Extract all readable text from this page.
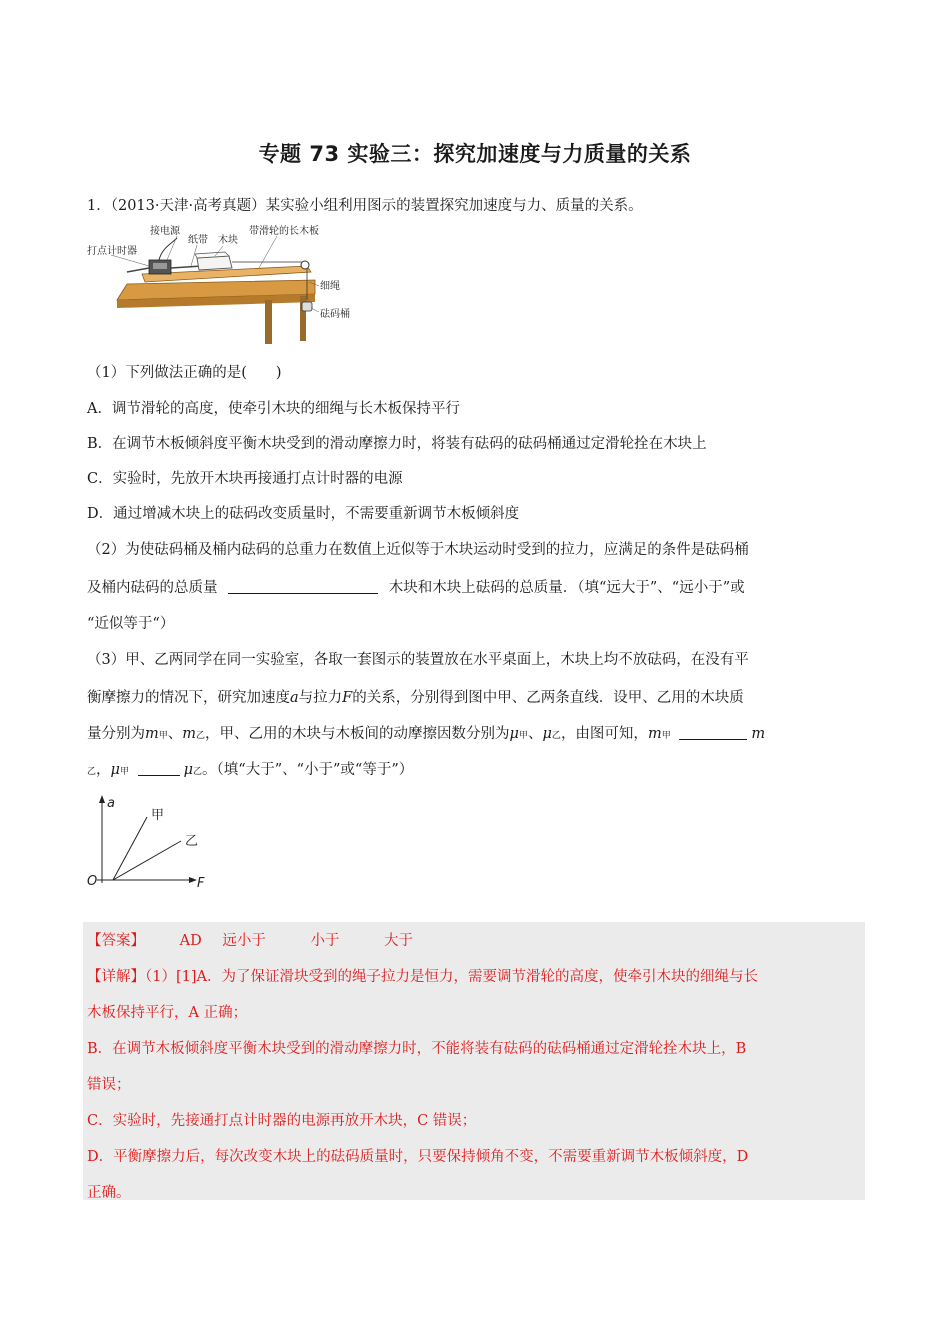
专题 73 实验三：探究加速度与力质量的关系
1．（2013·天津·高考真题）某实验小组利用图示的装置探究加速度与力、质量的关系。
接电源
纸带 木块
带滑轮的长木板
打点计时器
细绳
砝码桶
（1）下列做法正确的是(　　)
A．调节滑轮的高度，使牵引木块的细绳与长木板保持平行
B．在调节木板倾斜度平衡木块受到的滑动摩擦力时，将装有砝码的砝码桶通过定滑轮拴在木块上
C．实验时，先放开木块再接通打点计时器的电源
D．通过增减木块上的砝码改变质量时，不需要重新调节木板倾斜度
（2）为使砝码桶及桶内砝码的总重力在数值上近似等于木块运动时受到的拉力，应满足的条件是砝码桶
及桶内砝码的总质量	木块和木块上砝码的总质量．（填“远大于”、“远小于”或
“近似等于“）
（3）甲、乙两同学在同一实验室，各取一套图示的装置放在水平桌面上，木块上均不放砝码，在没有平
衡摩擦力的情况下，研究加速度a与拉力F的关系，分别得到图中甲、乙两条直线．设甲、乙用的木块质
量分别为m甲、m乙，甲、乙用的木块与木板间的动摩擦因数分别为μ甲、μ乙，由图可知，m甲	m
乙，μ甲	μ乙。（填“大于”、“小于”或“等于”）
a
F
O
甲
乙
【答案】 AD 远小于	小于	大于
【详解】（1）[1]A．为了保证滑块受到的绳子拉力是恒力，需要调节滑轮的高度，使牵引木块的细绳与长
木板保持平行，A 正确；
B．在调节木板倾斜度平衡木块受到的滑动摩擦力时，不能将装有砝码的砝码桶通过定滑轮拴木块上，B
错误；
C．实验时，先接通打点计时器的电源再放开木块，C 错误；
D．平衡摩擦力后，每次改变木块上的砝码质量时，只要保持倾角不变，不需要重新调节木板倾斜度，D
正确。
